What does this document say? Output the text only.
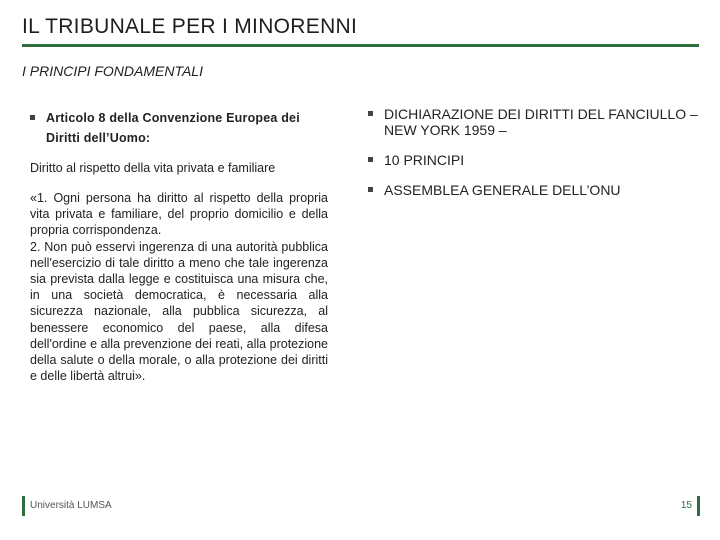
IL TRIBUNALE PER I MINORENNI
I PRINCIPI FONDAMENTALI
Articolo 8 della Convenzione Europea dei Diritti dell’Uomo:
Diritto al rispetto della vita privata e familiare
«1. Ogni persona ha diritto al rispetto della propria vita privata e familiare, del proprio domicilio e della propria corrispondenza.
2. Non può esservi ingerenza di una autorità pubblica nell'esercizio di tale diritto a meno che tale ingerenza sia prevista dalla legge e costituisca una misura che, in una società democratica, è necessaria alla sicurezza nazionale, alla pubblica sicurezza, al benessere economico del paese, alla difesa dell'ordine e alla prevenzione dei reati, alla protezione della salute o della morale, o alla protezione dei diritti e delle libertà altrui».
DICHIARAZIONE DEI DIRITTI DEL FANCIULLO – NEW YORK 1959 –
10 PRINCIPI
ASSEMBLEA GENERALE DELL’ONU
Università LUMSA	15
